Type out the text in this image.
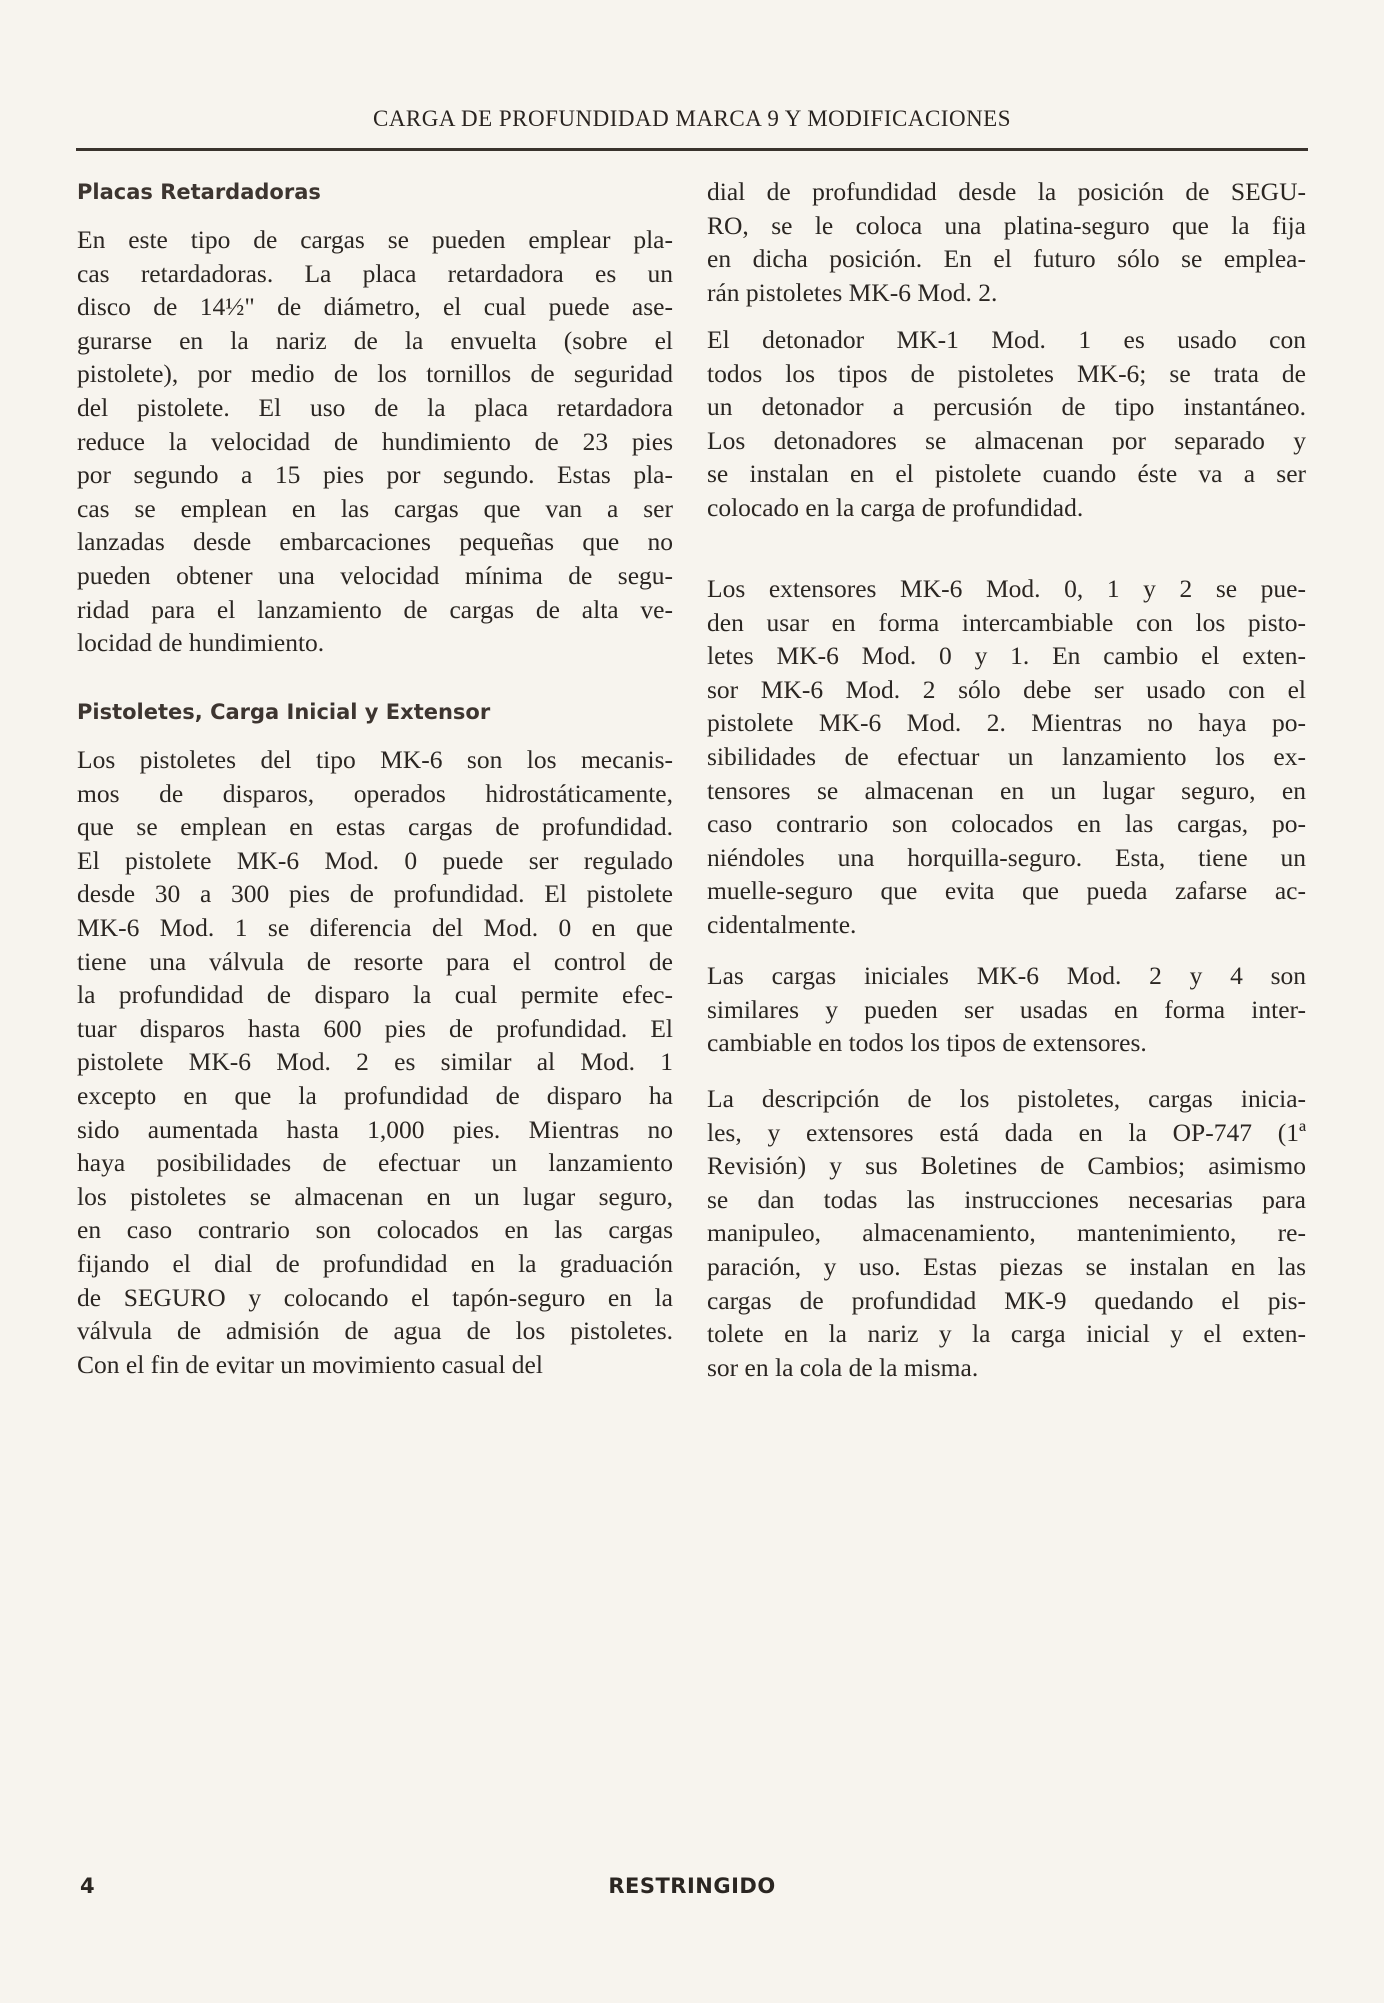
CARGA DE PROFUNDIDAD MARCA 9 Y MODIFICACIONES
Placas Retardadoras
En este tipo de cargas se pueden emplear pla-
cas retardadoras. La placa retardadora es un
disco de 14½" de diámetro, el cual puede ase-
gurarse en la nariz de la envuelta (sobre el
pistolete), por medio de los tornillos de seguridad
del pistolete. El uso de la placa retardadora
reduce la velocidad de hundimiento de 23 pies
por segundo a 15 pies por segundo. Estas pla-
cas se emplean en las cargas que van a ser
lanzadas desde embarcaciones pequeñas que no
pueden obtener una velocidad mínima de segu-
ridad para el lanzamiento de cargas de alta ve-
locidad de hundimiento.
Pistoletes, Carga Inicial y Extensor
Los pistoletes del tipo MK-6 son los mecanis-
mos de disparos, operados hidrostáticamente,
que se emplean en estas cargas de profundidad.
El pistolete MK-6 Mod. 0 puede ser regulado
desde 30 a 300 pies de profundidad. El pistolete
MK-6 Mod. 1 se diferencia del Mod. 0 en que
tiene una válvula de resorte para el control de
la profundidad de disparo la cual permite efec-
tuar disparos hasta 600 pies de profundidad. El
pistolete MK-6 Mod. 2 es similar al Mod. 1
excepto en que la profundidad de disparo ha
sido aumentada hasta 1,000 pies. Mientras no
haya posibilidades de efectuar un lanzamiento
los pistoletes se almacenan en un lugar seguro,
en caso contrario son colocados en las cargas
fijando el dial de profundidad en la graduación
de SEGURO y colocando el tapón-seguro en la
válvula de admisión de agua de los pistoletes.
Con el fin de evitar un movimiento casual del
dial de profundidad desde la posición de SEGU-
RO, se le coloca una platina-seguro que la fija
en dicha posición. En el futuro sólo se emplea-
rán pistoletes MK-6 Mod. 2.
El detonador MK-1 Mod. 1 es usado con
todos los tipos de pistoletes MK-6; se trata de
un detonador a percusión de tipo instantáneo.
Los detonadores se almacenan por separado y
se instalan en el pistolete cuando éste va a ser
colocado en la carga de profundidad.
Los extensores MK-6 Mod. 0, 1 y 2 se pue-
den usar en forma intercambiable con los pisto-
letes MK-6 Mod. 0 y 1. En cambio el exten-
sor MK-6 Mod. 2 sólo debe ser usado con el
pistolete MK-6 Mod. 2. Mientras no haya po-
sibilidades de efectuar un lanzamiento los ex-
tensores se almacenan en un lugar seguro, en
caso contrario son colocados en las cargas, po-
niéndoles una horquilla-seguro. Esta, tiene un
muelle-seguro que evita que pueda zafarse ac-
cidentalmente.
Las cargas iniciales MK-6 Mod. 2 y 4 son
similares y pueden ser usadas en forma inter-
cambiable en todos los tipos de extensores.
La descripción de los pistoletes, cargas inicia-
les, y extensores está dada en la OP-747 (1ª
Revisión) y sus Boletines de Cambios; asimismo
se dan todas las instrucciones necesarias para
manipuleo, almacenamiento, mantenimiento, re-
paración, y uso. Estas piezas se instalan en las
cargas de profundidad MK-9 quedando el pis-
tolete en la nariz y la carga inicial y el exten-
sor en la cola de la misma.
4	RESTRINGIDO
